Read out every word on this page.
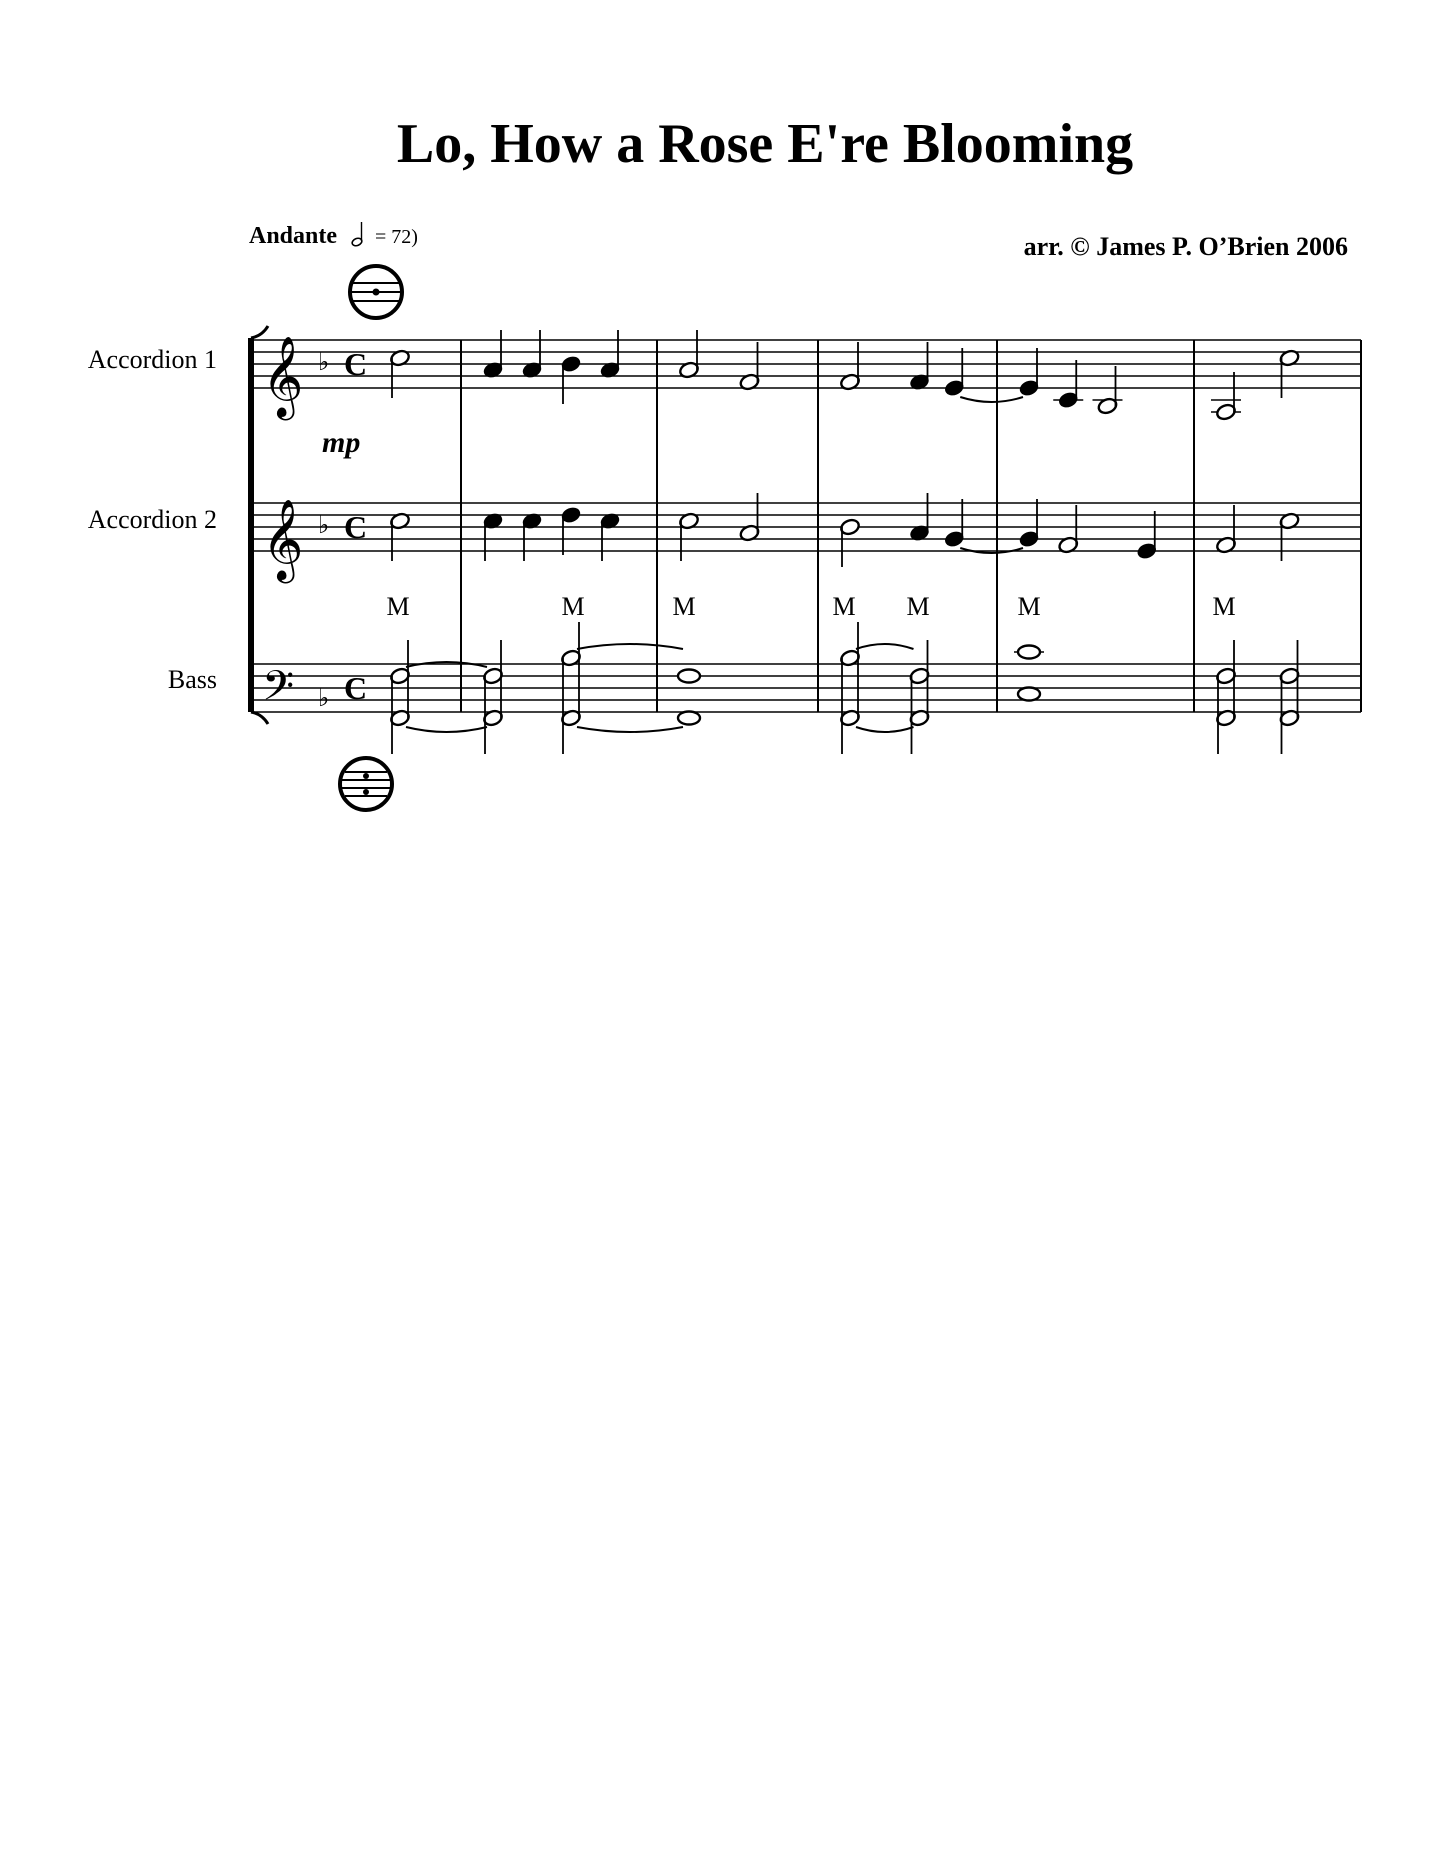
Lo, How a Rose E're Blooming
Andante = 72)	arr. © James P. O’Brien 2006
Accordion 1
Accordion 2
Bass
𝄞
𝄞
𝄢
♭
♭
♭
C
C
C
mp
M	M	M	M M	M	M
